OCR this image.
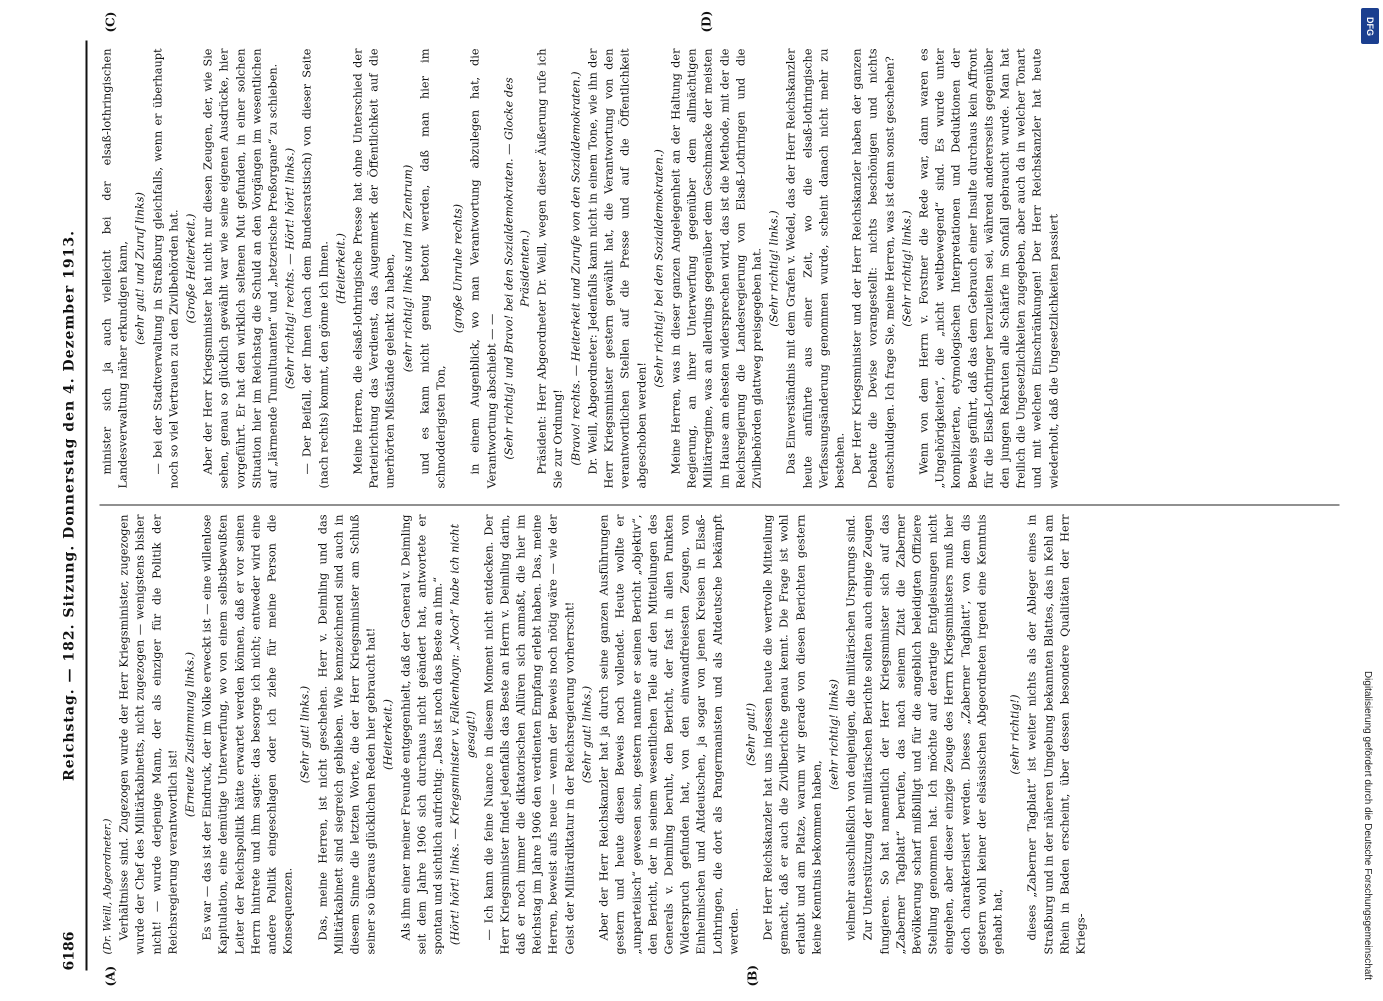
6186
Reichstag. — 182. Sitzung. Donnerstag den 4. Dezember 1913.
(A)	(B)
(C)	(D)

(Dr. Weill, Abgeordneter.) Verhältnisse sind. Zugezogen wurde der Herr Kriegsminister, zugezogen wurde der Chef des Militärkabinetts, nicht zugezogen — wenigstens bisher nicht! — wurde derjenige Mann, der als einziger für die Politik der Reichsregierung verantwortlich ist!

(Erneute Zustimmung links.) Es war — das ist der Eindruck, der im Volke erweckt ist — eine willenlose Kapitulation, eine demütige Unterwerfung, wo von einem selbstbewußten Leiter der Reichspolitik hätte erwartet werden können, daß er vor seinen Herrn hintrete und ihm sagte: das besorge ich nicht; entweder wird eine andere Politik eingeschlagen oder ich ziehe für meine Person die Konsequenzen.

(Sehr gut! links.) Das, meine Herren, ist nicht geschehen. Herr v. Deimling und das Militärkabinett sind siegreich geblieben. Wie kennzeichnend sind auch in diesem Sinne die letzten Worte, die der Herr Kriegsminister am Schluß seiner so überaus glücklichen Reden hier gebraucht hat! (Heiterkeit.) Als ihm einer meiner Freunde entgegenhielt, daß der General v. Deimling seit dem Jahre 1906 sich durchaus nicht geändert hat, antwortete er spontan und sichtlich aufrichtig: „Das ist noch das Beste an ihm.“ (Hört! hört! links. — Kriegsminister v. Falkenhayn: „Noch“ habe ich nicht gesagt!) — Ich kann die feine Nuance in diesem Moment nicht entdecken. Der Herr Kriegsminister findet jedenfalls das Beste an Herrn v. Deimling darin, daß er noch immer die diktatorischen Allüren sich anmaßt, die hier im Reichstag im Jahre 1906 den verdienten Empfang erlebt haben. Das, meine Herren, beweist aufs neue — wenn der Beweis noch nötig wäre — wie der Geist der Militärdiktatur in der Reichsregierung vorherrscht! (Sehr gut! links.) Aber der Herr Reichskanzler hat ja durch seine ganzen Ausführungen gestern und heute diesen Beweis noch vollendet. Heute wollte er „unparteiisch“ gewesen sein, gestern nannte er seinen Bericht „objektiv“, den Bericht, der in seinem wesentlichen Teile auf den Mitteilungen des Generals v. Deimling beruht, den Bericht, der fast in allen Punkten Widerspruch gefunden hat, von den einwandfreiesten Zeugen, von Einheimischen und Altdeutschen, ja sogar von jenen Kreisen in Elsaß-Lothringen, die dort als Pangermanisten und als Altdeutsche bekämpft werden.

(Sehr gut!) Der Herr Reichskanzler hat uns indessen heute die wertvolle Mitteilung gemacht, daß er auch die Zivilberichte genau kennt. Die Frage ist wohl erlaubt und am Platze, warum wir gerade von diesen Berichten gestern keine Kenntnis bekommen haben,

(sehr richtig! links) vielmehr ausschließlich von denjenigen, die militärischen Ursprungs sind. Zur Unterstützung der militärischen Berichte sollten auch einige Zeugen fungieren. So hat namentlich der Herr Kriegsminister sich auf das „Zaberner Tagblatt“ berufen, das nach seinem Zitat die Zaberner Bevölkerung scharf mißbilligt und für die angeblich beleidigten Offiziere Stellung genommen hat. Ich möchte auf derartige Entgleisungen nicht eingehen, aber dieser einzige Zeuge des Herrn Kriegsministers muß hier doch charakterisiert werden. Dieses „Zaberner Tagblatt“, von dem dis gestern wohl keiner der elsässischen Abgeordneten irgend eine Kenntnis gehabt hat,

(sehr richtig!) dieses „Zaberner Tagblatt“ ist weiter nichts als der Ableger eines in Straßburg und in der näheren Umgebung bekannten Blattes, das in Kehl am Rhein in Baden erscheint, über dessen besondere Qualitäten der Herr Kriegs-

minister sich ja auch vielleicht bei der elsaß-lothringischen Landesverwaltung näher erkundigen kann, (sehr gut! und Zuruf links) — bei der Stadtverwaltung in Straßburg gleichfalls, wenn er überhaupt noch so viel Vertrauen zu den Zivilbehörden hat. (Große Heiterkeit.) Aber der Herr Kriegsminister hat nicht nur diesen Zeugen, der, wie Sie sehen, genau so glücklich gewählt war wie seine eigenen Ausdrücke, hier vorgeführt. Er hat den wirklich seltenen Mut gefunden, in einer solchen Situation hier im Reichstag die Schuld an den Vorgängen im wesentlichen auf „lärmende Tumultuanten“ und „hetzerische Preßorgane“ zu schieben. (Sehr richtig! rechts. — Hört! hört! links.) — Der Beifall, der Ihnen (nach dem Bundesratstisch) von dieser Seite (nach rechts) kommt, den gönne ich Ihnen. (Heiterkeit.) Meine Herren, die elsaß-lothringische Presse hat ohne Unterschied der Parteirichtung das Verdienst, das Augenmerk der Öffentlichkeit auf die unerhörten Mißstände gelenkt zu haben, (sehr richtig! links und im Zentrum) und es kann nicht genug betont werden, daß man hier im schnodderigsten Ton,

(große Unruhe rechts) in einem Augenblick, wo man Verantwortung abzulegen hat, die Verantwortung abschiebt — — (Sehr richtig! und Bravo! bei den Sozialdemokraten. — Glocke des Präsidenten.) Präsident: Herr Abgeordneter Dr. Weill, wegen dieser Äußerung rufe ich Sie zur Ordnung! (Bravo! rechts. — Heiterkeit und Zurufe von den Sozialdemokraten.) Dr. Weill, Abgeordneter: Jedenfalls kann nicht in einem Tone, wie ihn der Herr Kriegsminister gestern gewählt hat, die Verantwortung von den verantwortlichen Stellen auf die Presse und auf die Öffentlichkeit abgeschoben werden!

(Sehr richtig! bei den Sozialdemokraten.) Meine Herren, was in dieser ganzen Angelegenheit an der Haltung der Regierung, an ihrer Unterwerfung gegenüber dem allmächtigen Militärregime, was an allerdings gegenüber dem Geschmacke der meisten im Hause am ehesten widersprechen wird, das ist die Methode, mit der die Reichsregierung die Landesregierung von Elsaß-Lothringen und die Zivilbehörden glattweg preisgegeben hat. (Sehr richtig! links.) Das Einverständnis mit dem Grafen v. Wedel, das der Herr Reichskanzler heute anführte aus einer Zeit, wo die elsaß-lothringische Verfassungsänderung genommen wurde, scheint danach nicht mehr zu bestehen. Der Herr Kriegsminister und der Herr Reichskanzler haben der ganzen Debatte die Devise vorangestellt: nichts beschönigen und nichts entschuldigen. Ich frage Sie, meine Herren, was ist denn sonst geschehen? (Sehr richtig! links.) Wenn von dem Herrn v. Forstner die Rede war, dann waren es „Ungehörigkeiten“, die „nicht weltbewegend“ sind. Es wurde unter komplizierten, etymologischen Interpretationen und Deduktionen der Beweis geführt, daß das dem Gebrauch einer Insulte durchaus kein Affront für die Elsaß-Lothringer herzuleiten sei, während andererseits gegenüber den jungen Rekruten alle Schärfe im Sonfall gebraucht wurde. Man hat freilich die Ungesetzlichkeiten zugegeben, aber auch da in welcher Tonart und mit welchen Einschränkungen! Der Herr Reichskanzler hat heute wiederholt, daß die Ungesetzlichkeiten passiert

DFG
Digitalisierung gefördert durch die Deutsche Forschungsgemeinschaft
